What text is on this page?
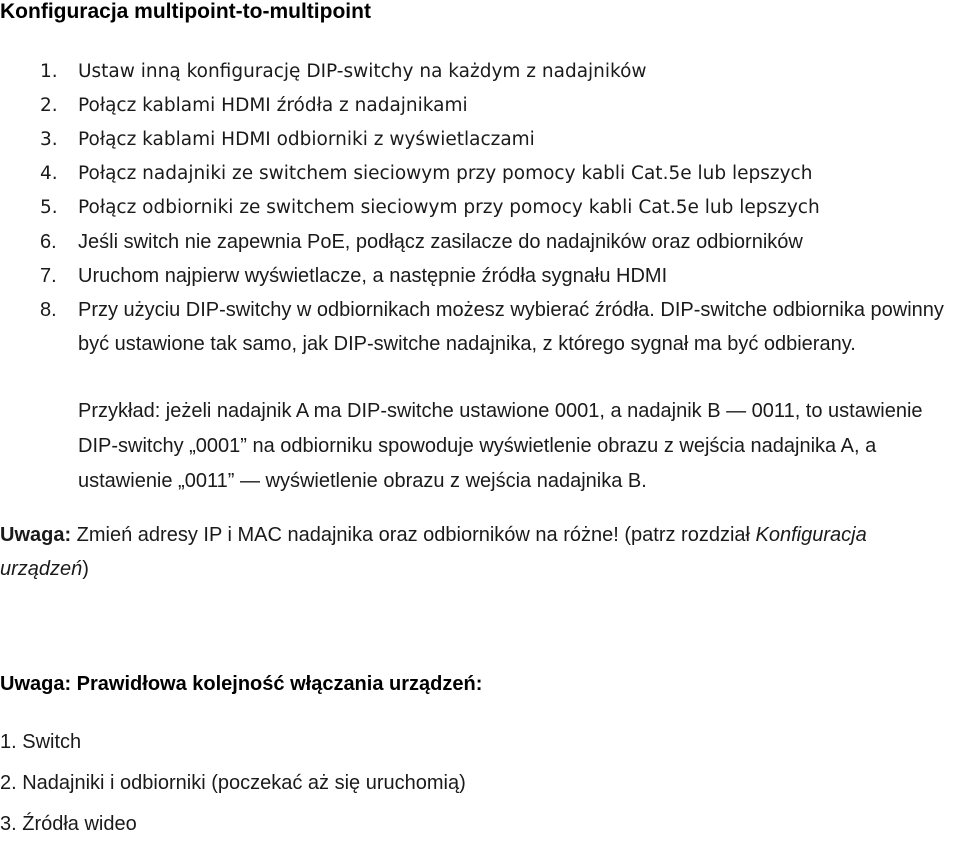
Konfiguracja multipoint-to-multipoint
1.	Ustaw inną konfigurację DIP-switchy na każdym z nadajników
2.	Połącz kablami HDMI źródła z nadajnikami
3.	Połącz kablami HDMI odbiorniki z wyświetlaczami
4.	Połącz nadajniki ze switchem sieciowym przy pomocy kabli Cat.5e lub lepszych
5.	Połącz odbiorniki ze switchem sieciowym przy pomocy kabli Cat.5e lub lepszych
6.	Jeśli switch nie zapewnia PoE, podłącz zasilacze do nadajników oraz odbiorników
7.	Uruchom najpierw wyświetlacze, a następnie źródła sygnału HDMI
8.	Przy użyciu DIP-switchy w odbiornikach możesz wybierać źródła. DIP-switche odbiornika powinny być ustawione tak samo, jak DIP-switche nadajnika, z którego sygnał ma być odbierany.
Przykład: jeżeli nadajnik A ma DIP-switche ustawione 0001, a nadajnik B — 0011, to ustawienie DIP-switchy „0001” na odbiorniku spowoduje wyświetlenie obrazu z wejścia nadajnika A, a ustawienie „0011” — wyświetlenie obrazu z wejścia nadajnika B.
Uwaga: Zmień adresy IP i MAC nadajnika oraz odbiorników na różne! (patrz rozdział Konfiguracja urządzeń)
Uwaga: Prawidłowa kolejność włączania urządzeń:
1. Switch
2. Nadajniki i odbiorniki (poczekać aż się uruchomią)
3. Źródła wideo
